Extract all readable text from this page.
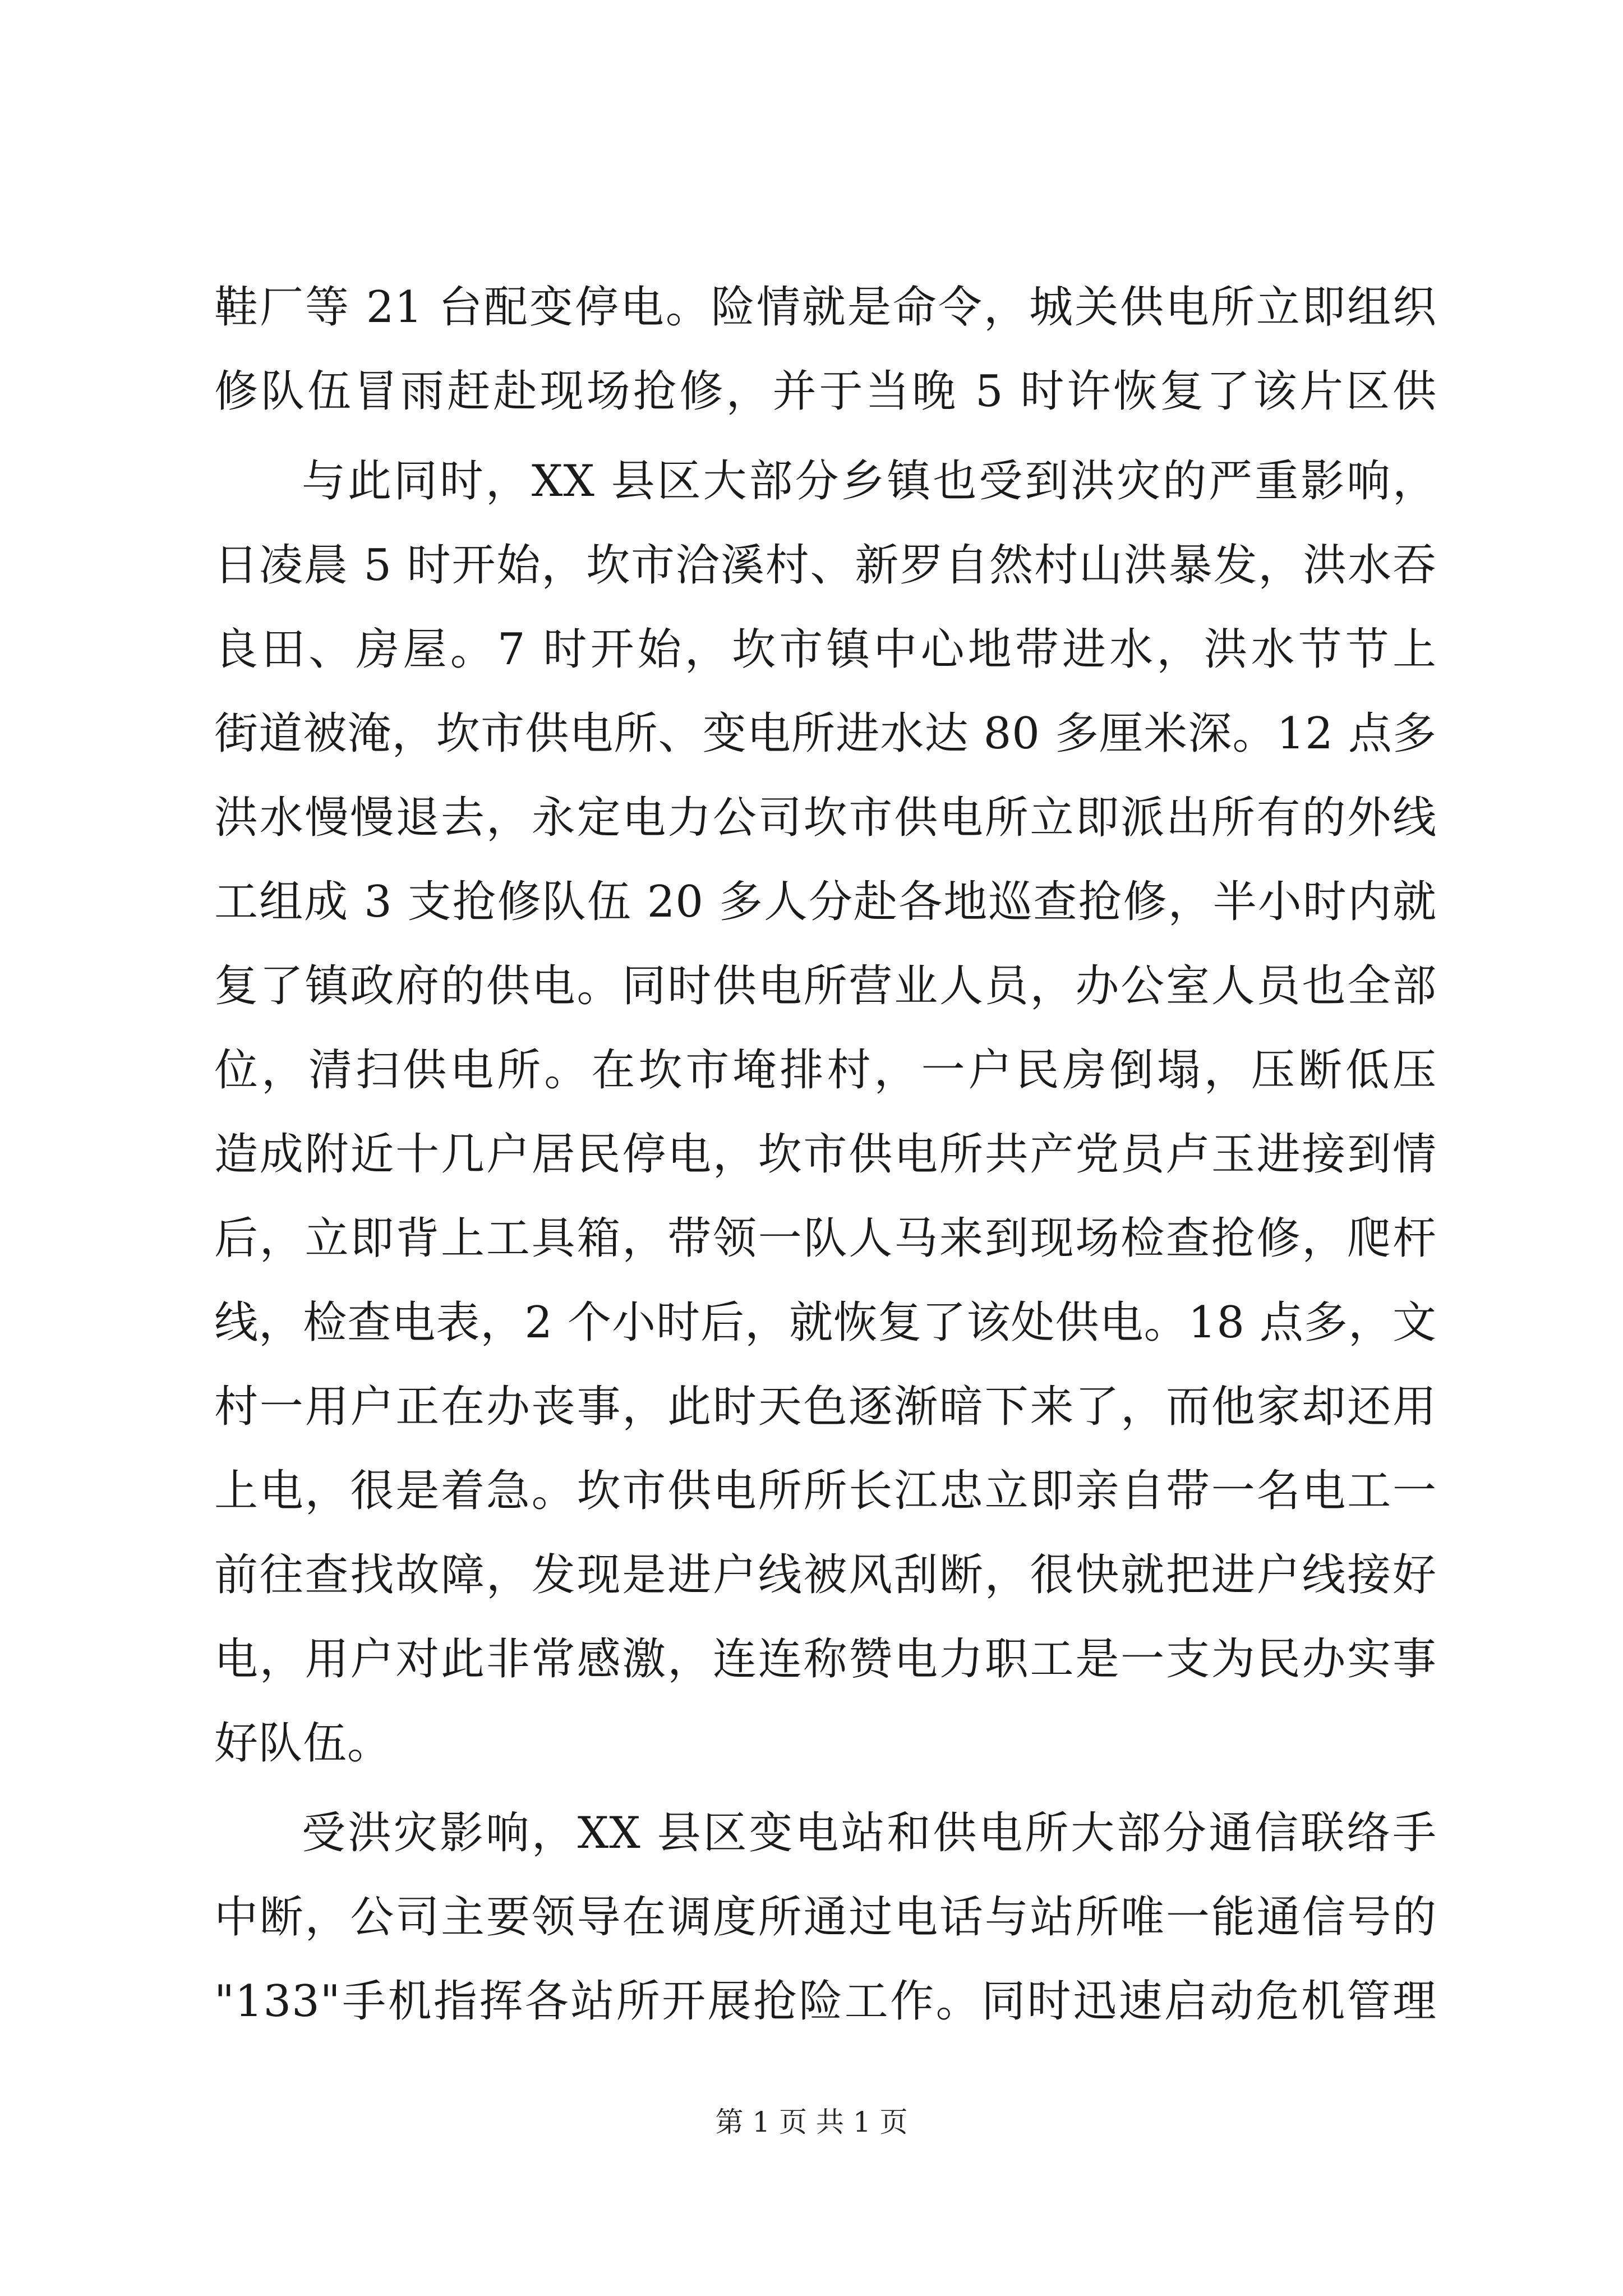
鞋厂等 21 台配变停电。险情就是命令，城关供电所立即组织
修队伍冒雨赶赴现场抢修，并于当晚 5 时许恢复了该片区供
与此同时，XX 县区大部分乡镇也受到洪灾的严重影响，
日凌晨 5 时开始，坎市洽溪村、新罗自然村山洪暴发，洪水吞
良田、房屋。7 时开始，坎市镇中心地带进水，洪水节节上
街道被淹，坎市供电所、变电所进水达 80 多厘米深。12 点多
洪水慢慢退去，永定电力公司坎市供电所立即派出所有的外线
工组成 3 支抢修队伍 20 多人分赴各地巡查抢修，半小时内就
复了镇政府的供电。同时供电所营业人员，办公室人员也全部
位，清扫供电所。在坎市埯排村，一户民房倒塌，压断低压
造成附近十几户居民停电，坎市供电所共产党员卢玉进接到情
后，立即背上工具箱，带领一队人马来到现场检查抢修，爬杆
线，检查电表，2 个小时后，就恢复了该处供电。18 点多，文
村一用户正在办丧事，此时天色逐渐暗下来了，而他家却还用
上电，很是着急。坎市供电所所长江忠立即亲自带一名电工一
前往查找故障，发现是进户线被风刮断，很快就把进户线接好
电，用户对此非常感激，连连称赞电力职工是一支为民办实事
好队伍。
受洪灾影响，XX 县区变电站和供电所大部分通信联络手
中断，公司主要领导在调度所通过电话与站所唯一能通信号的
"133"手机指挥各站所开展抢险工作。同时迅速启动危机管理
第 1 页 共 1 页
